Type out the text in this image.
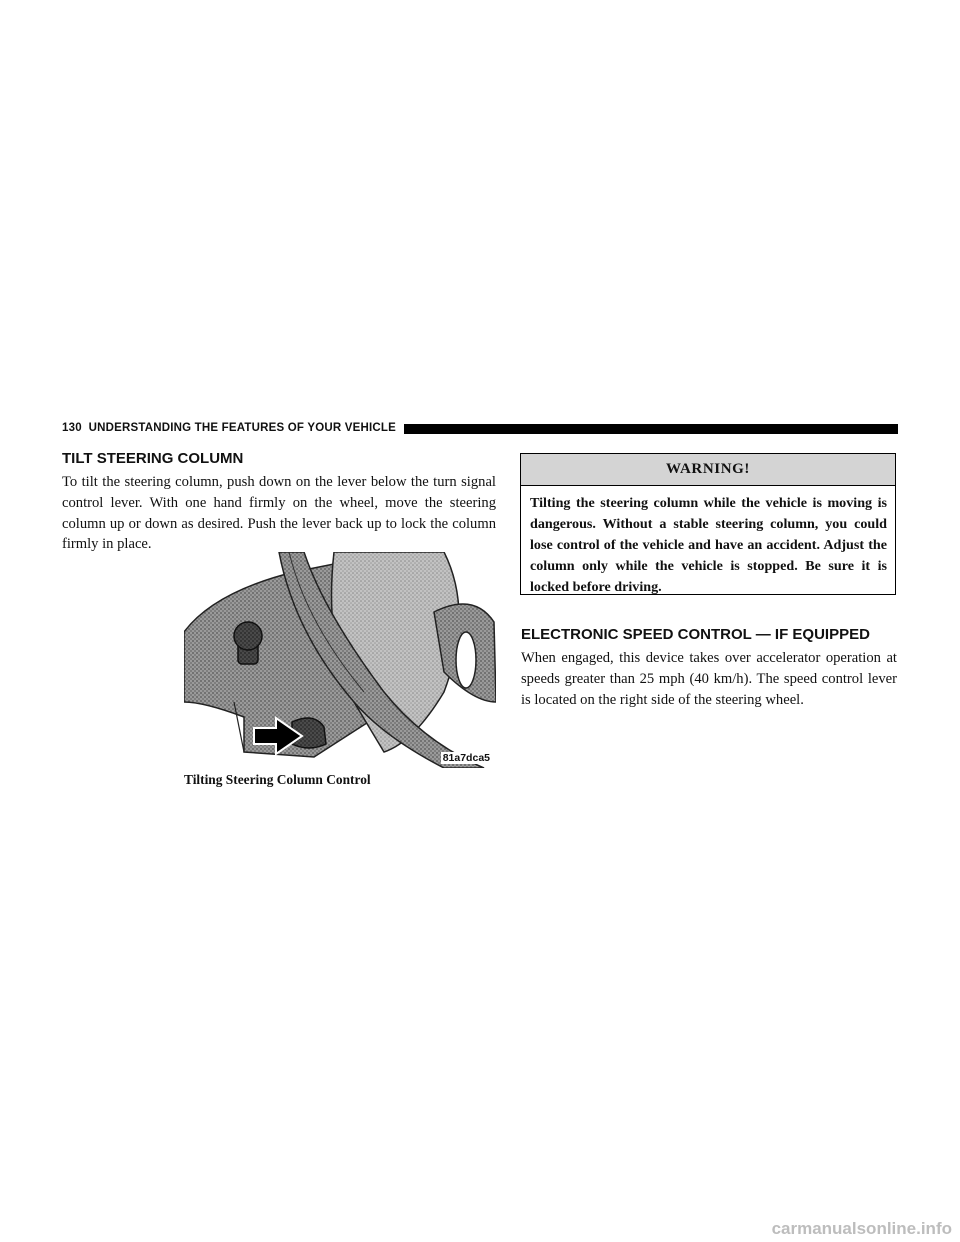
130 UNDERSTANDING THE FEATURES OF YOUR VEHICLE
TILT STEERING COLUMN

To tilt the steering column, push down on the lever below the turn signal control lever. With one hand firmly on the wheel, move the steering column up or down as desired. Push the lever back up to lock the column firmly in place.

81a7dca5
Tilting Steering Column Control
WARNING!

Tilting the steering column while the vehicle is moving is dangerous. Without a stable steering column, you could lose control of the vehicle and have an accident. Adjust the column only while the vehicle is stopped. Be sure it is locked before driving.

ELECTRONIC SPEED CONTROL — IF EQUIPPED

When engaged, this device takes over accelerator operation at speeds greater than 25 mph (40 km/h). The speed control lever is located on the right side of the steering wheel.

carmanualsonline.info
